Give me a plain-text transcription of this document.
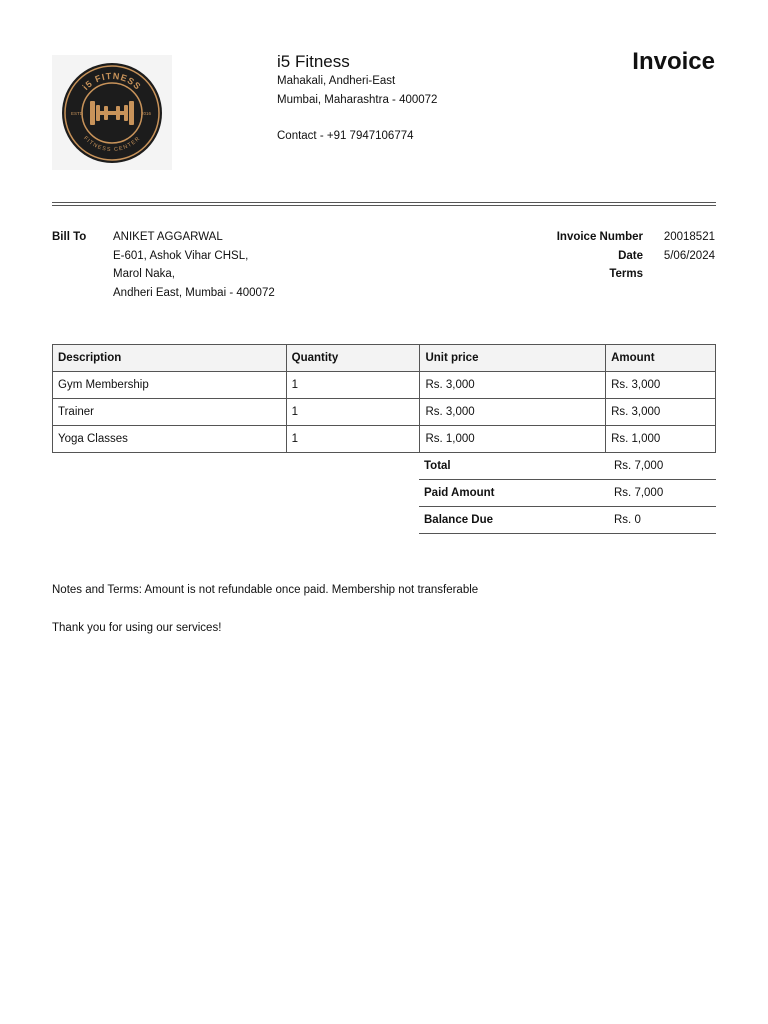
i5 FITNESS
FITNESS CENTER
ESTD	2016
i5 Fitness
Mahakali, Andheri-East
Mumbai, Maharashtra - 400072
Contact - +91 7947106774
Invoice
Bill To ANIKET AGGARWAL
E-601, Ashok Vihar CHSL,
Marol Naka,
Andheri East, Mumbai - 400072
Invoice Number	20018521
Date	5/06/2024
Terms
Description	Quantity	Unit price	Amount
Gym Membership	1	Rs. 3,000	Rs. 3,000
Trainer	1	Rs. 3,000	Rs. 3,000
Yoga Classes	1	Rs. 1,000	Rs. 1,000
Total	Rs. 7,000
Paid Amount	Rs. 7,000
Balance Due	Rs. 0
Notes and Terms: Amount is not refundable once paid. Membership not transferable
Thank you for using our services!
